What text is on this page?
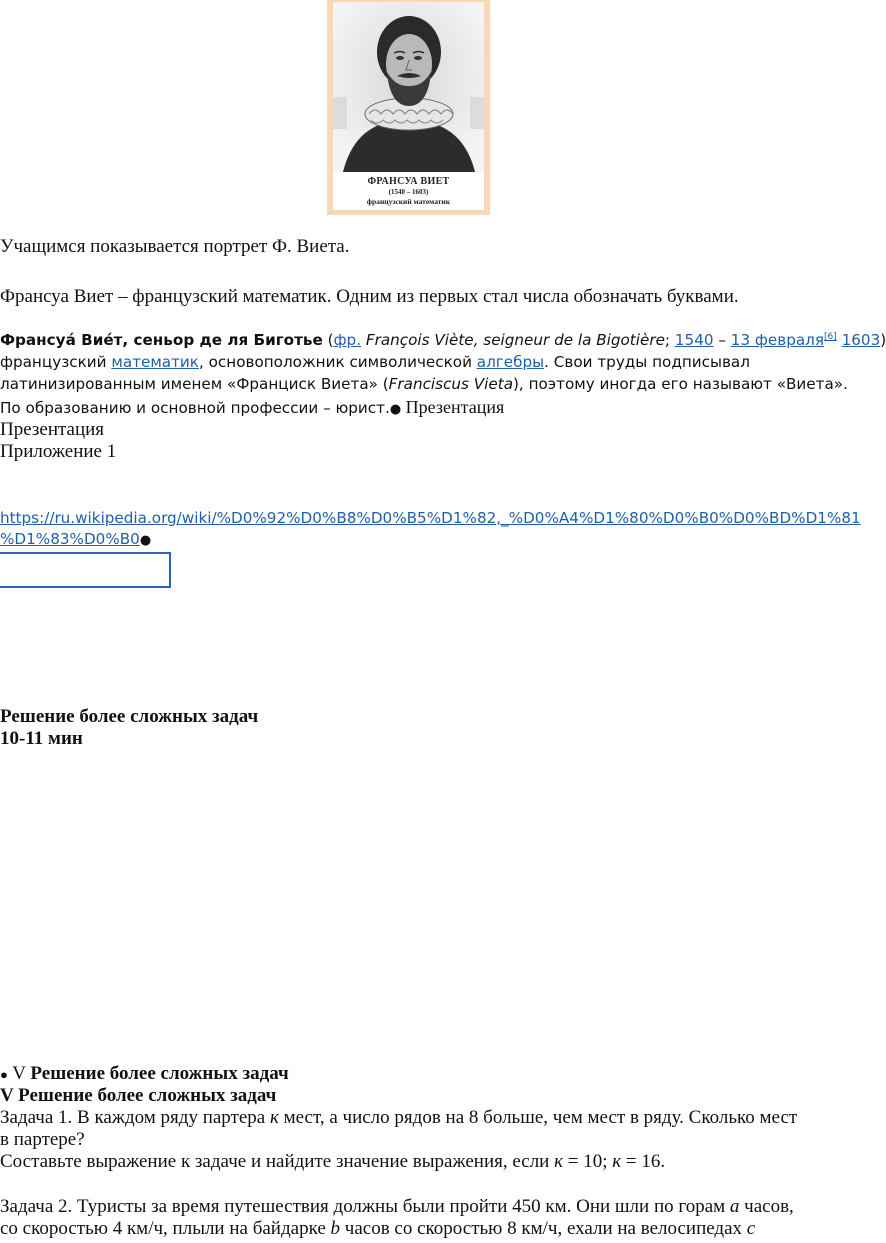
ФРАНСУА ВИЕТ
(1540 – 1603)
французский математик
Учащимся показывается портрет Ф. Виета.
Франсуа Виет – французский математик. Одним из первых стал числа обозначать буквами.
Франсуа́ Вие́т, сеньор де ля Биготье (фр. François Viète, seigneur de la Bigotière; 1540 – 13 февраля[6] 1603)
французский математик, основоположник символической алгебры. Свои труды подписывал
латинизированным именем «Франциск Виета» (Franciscus Vieta), поэтому иногда его называют «Виета».
По образованию и основной профессии – юрист.● Презентация
Презентация
Приложение 1
https://ru.wikipedia.org/wiki/%D0%92%D0%B8%D0%B5%D1%82,_%D0%A4%D1%80%D0%B0%D0%BD%D1%81
%D1%83%D0%B0●
Решение более сложных задач
10-11 мин
● V Решение более сложных задач
V Решение более сложных задач
Задача 1. В каждом ряду партера к мест, а число рядов на 8 больше, чем мест в ряду. Сколько мест
в партере?
Составьте выражение к задаче и найдите значение выражения, если к = 10; к = 16.
Задача 2. Туристы за время путешествия должны были пройти 450 км. Они шли по горам а часов,
со скоростью 4 км/ч, плыли на байдарке b часов со скоростью 8 км/ч, ехали на велосипедах с
